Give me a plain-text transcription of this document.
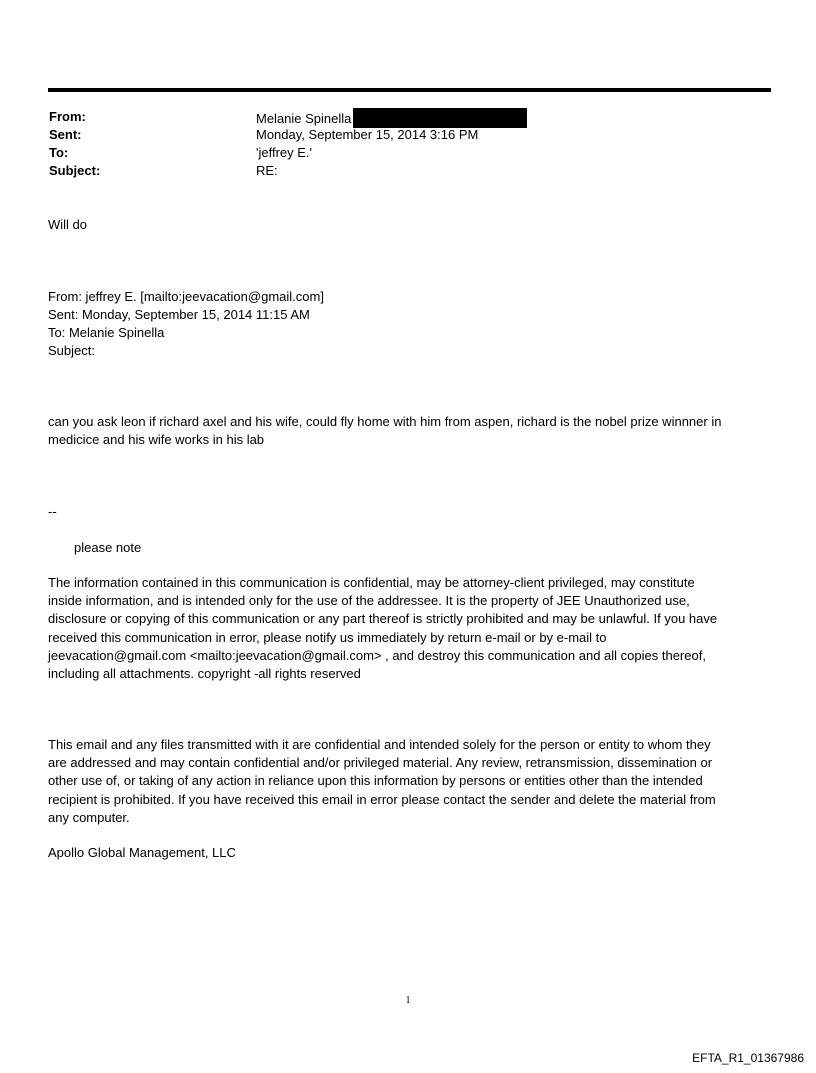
From:	Melanie Spinella
Sent:	Monday, September 15, 2014 3:16 PM
To:	'jeffrey E.'
Subject:	RE:
Will do
From: jeffrey E. [mailto:jeevacation@gmail.com]
Sent: Monday, September 15, 2014 11:15 AM
To: Melanie Spinella
Subject:
can you ask leon if richard axel and his wife, could fly home with him from aspen, richard is the nobel prize winnner in
medicice and his wife works in his lab
--
please note
The information contained in this communication is confidential, may be attorney-client privileged, may constitute
inside information, and is intended only for the use of the addressee. It is the property of JEE Unauthorized use,
disclosure or copying of this communication or any part thereof is strictly prohibited and may be unlawful. If you have
received this communication in error, please notify us immediately by return e-mail or by e-mail to
jeevacation@gmail.com <mailto:jeevacation@gmail.com> , and destroy this communication and all copies thereof,
including all attachments. copyright -all rights reserved
This email and any files transmitted with it are confidential and intended solely for the person or entity to whom they
are addressed and may contain confidential and/or privileged material. Any review, retransmission, dissemination or
other use of, or taking of any action in reliance upon this information by persons or entities other than the intended
recipient is prohibited. If you have received this email in error please contact the sender and delete the material from
any computer.
Apollo Global Management, LLC
1
EFTA_R1_01367986
